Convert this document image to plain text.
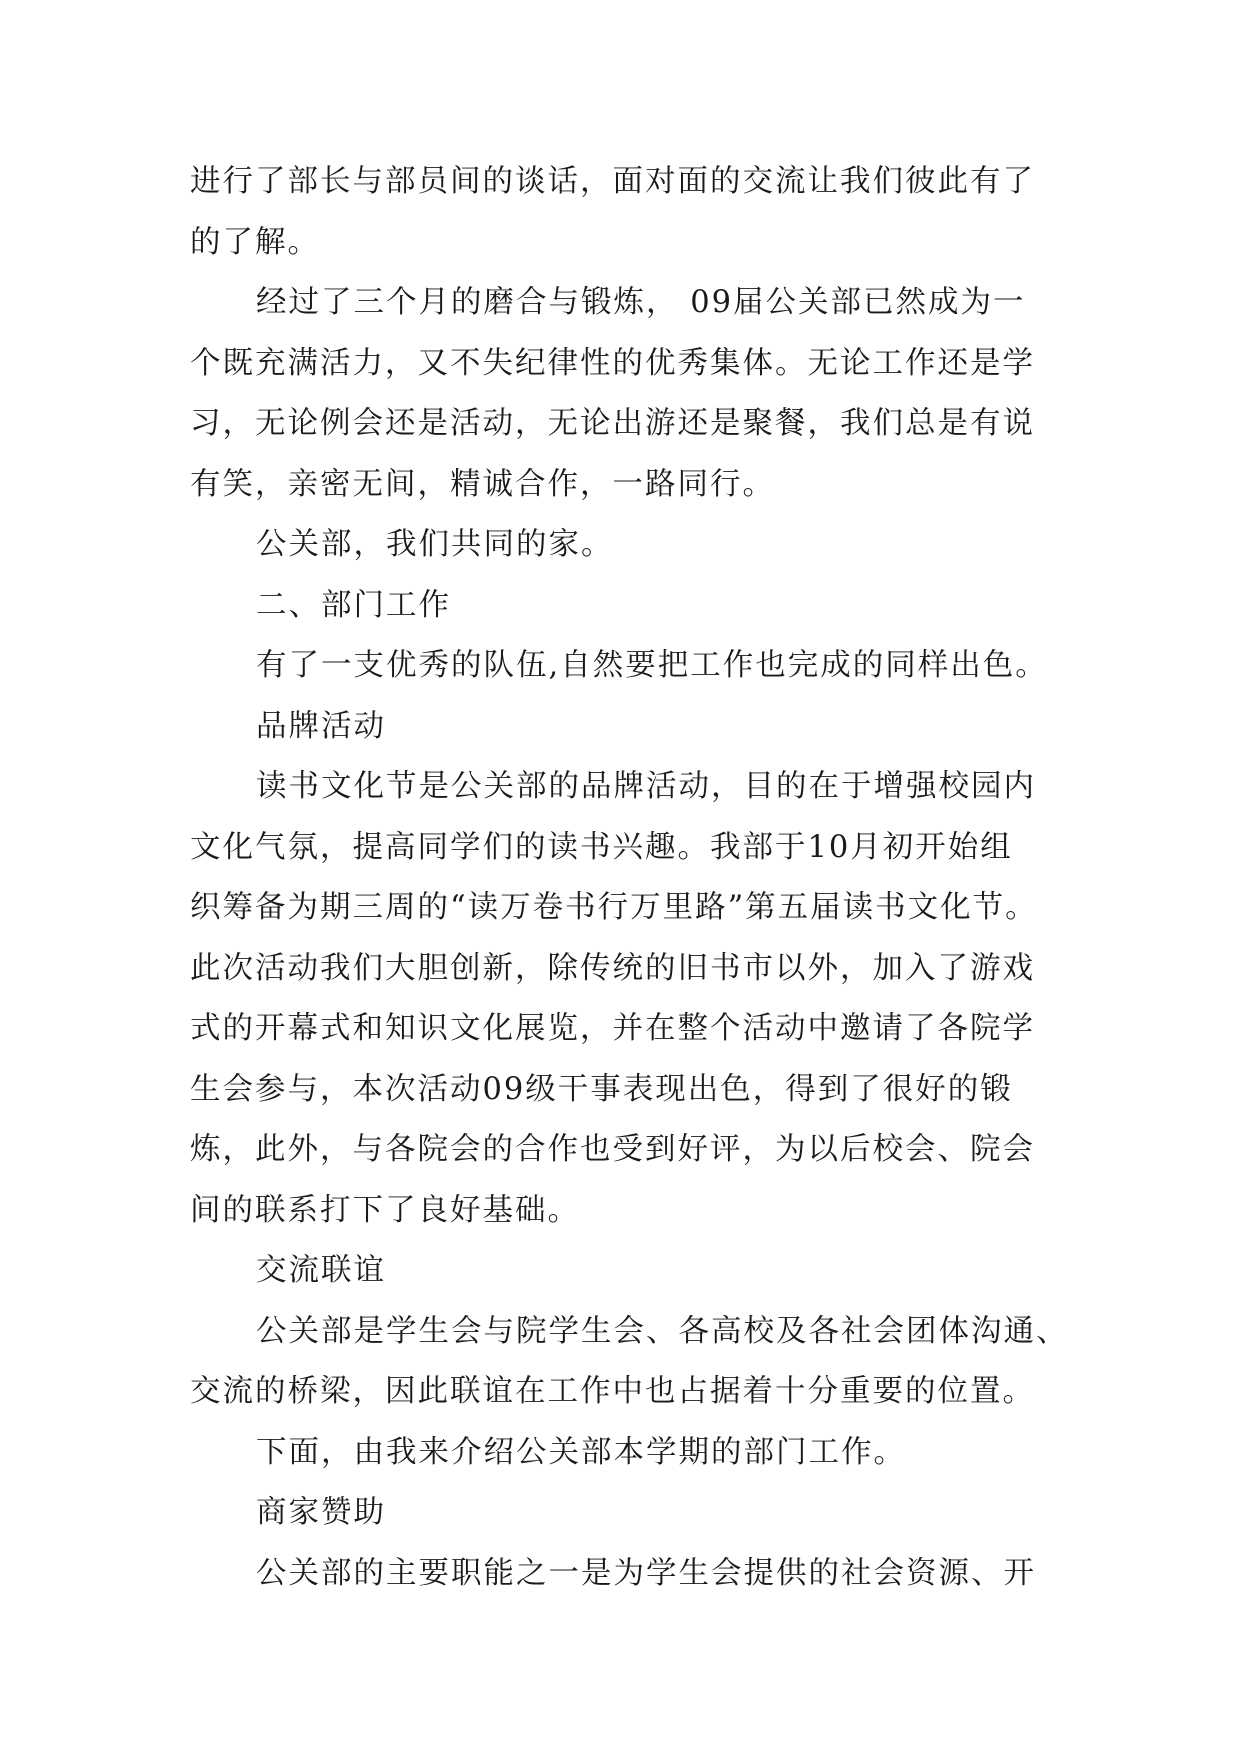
进行了部长与部员间的谈话，面对面的交流让我们彼此有了
的了解。
经过了三个月的磨合与锻炼， 09届公关部已然成为一
个既充满活力，又不失纪律性的优秀集体。无论工作还是学
习，无论例会还是活动，无论出游还是聚餐，我们总是有说
有笑，亲密无间，精诚合作，一路同行。
公关部，我们共同的家。
二、部门工作
有了一支优秀的队伍,自然要把工作也完成的同样出色。
品牌活动
读书文化节是公关部的品牌活动，目的在于增强校园内
文化气氛，提高同学们的读书兴趣。我部于10月初开始组
织筹备为期三周的“读万卷书行万里路”第五届读书文化节。
此次活动我们大胆创新，除传统的旧书市以外，加入了游戏
式的开幕式和知识文化展览，并在整个活动中邀请了各院学
生会参与，本次活动09级干事表现出色，得到了很好的锻
炼，此外，与各院会的合作也受到好评，为以后校会、院会
间的联系打下了良好基础。
交流联谊
公关部是学生会与院学生会、各高校及各社会团体沟通、
交流的桥梁，因此联谊在工作中也占据着十分重要的位置。
下面，由我来介绍公关部本学期的部门工作。
商家赞助
公关部的主要职能之一是为学生会提供的社会资源、开
